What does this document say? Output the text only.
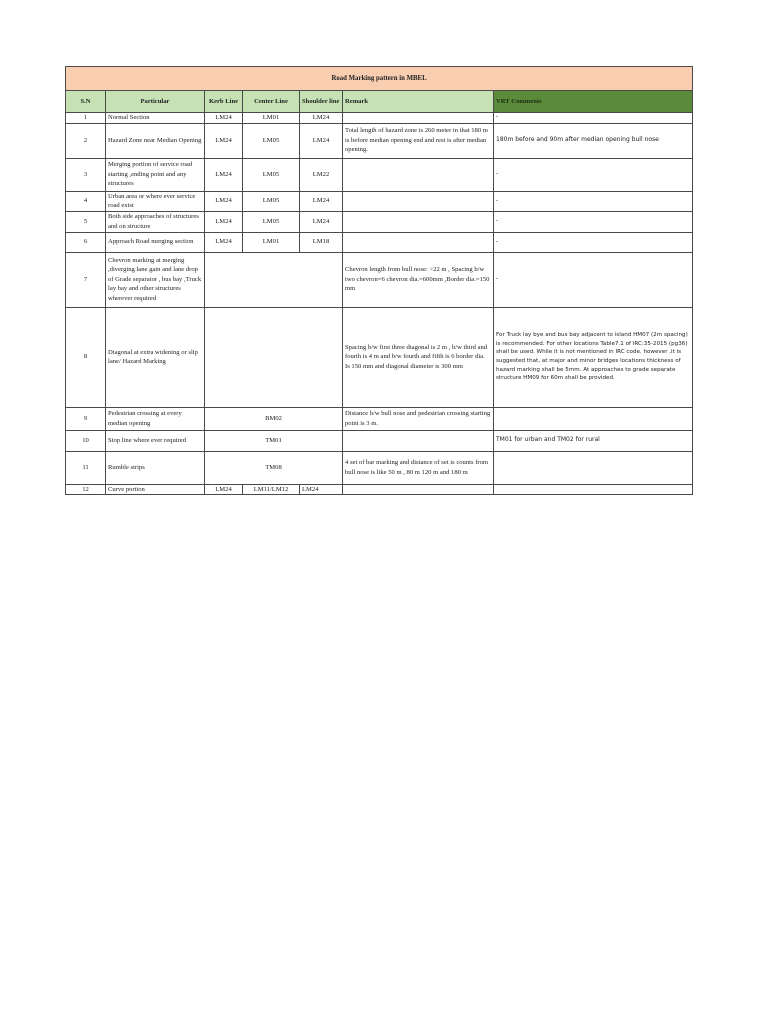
Road Marking pattern in MBEL						
S.N	Particular	Kerb Line	Center Line	Shoulder line	Remark	VRT Comments
1	Normal Section	LM24	LM01	LM24		-
2	Hazard Zone near Median Opening	LM24	LM05	LM24	Total length of hazard zone is 260 meter in that 180 m is before median opening end and rest is after median opening.	180m before and 90m after median opening bull nose
3	Merging portion of service road starting ,ending point and any structures	LM24	LM05	LM22		-
4	Urban area or where ever service road exist	LM24	LM05	LM24		-
5	Both side approaches of structures and on structure	LM24	LM05	LM24		-
6	Approach Road merging section	LM24	LM01	LM18		-
7	Chevron marking at merging ,diverging lane gain and lane drop of Grade separator , bus bay ,Truck lay bay and other structures wherever required				Chevron length from bull nose: >22 m , Spacing b/w two chevron=6 chevron dia.=600mm ,Border dia.=150 mm	-
8	Diagonal at extra widening or slip lane/ Hazard Marking				Spacing b/w first three diagonal is 2 m , b/w third and fourth is 4 m and b/w fourth and fifth is 6 border dia. Is 150 mm and diagonal diameter is 300 mm	For Truck lay bye and bus bay adjacent to island HM07 (2m spacing) is recommended. For other locations Table7.1 of IRC:35-2015 (pg36) shall be used. While it is not mentioned in IRC code. however ,it is suggested that, at major and minor bridges locations thickness of hazard marking shall be 5mm. At approaches to grade separate structure HM09 for 60m shall be provided.
9	Pedestrian crossing at every median opening	BM02			Distance b/w bull nose and pedestrian crossing starting point is 3 m.	
10	Stop line where ever required	TM01				TM01 for urban and TM02 for rural
11	Rumble strips	TM08			4 set of bar marking and distance of set is counts from bull nose is like 50 m , 80 m 120 m and 180 m	
12	Curve portion	LM24	LM11/LM12	LM24		
